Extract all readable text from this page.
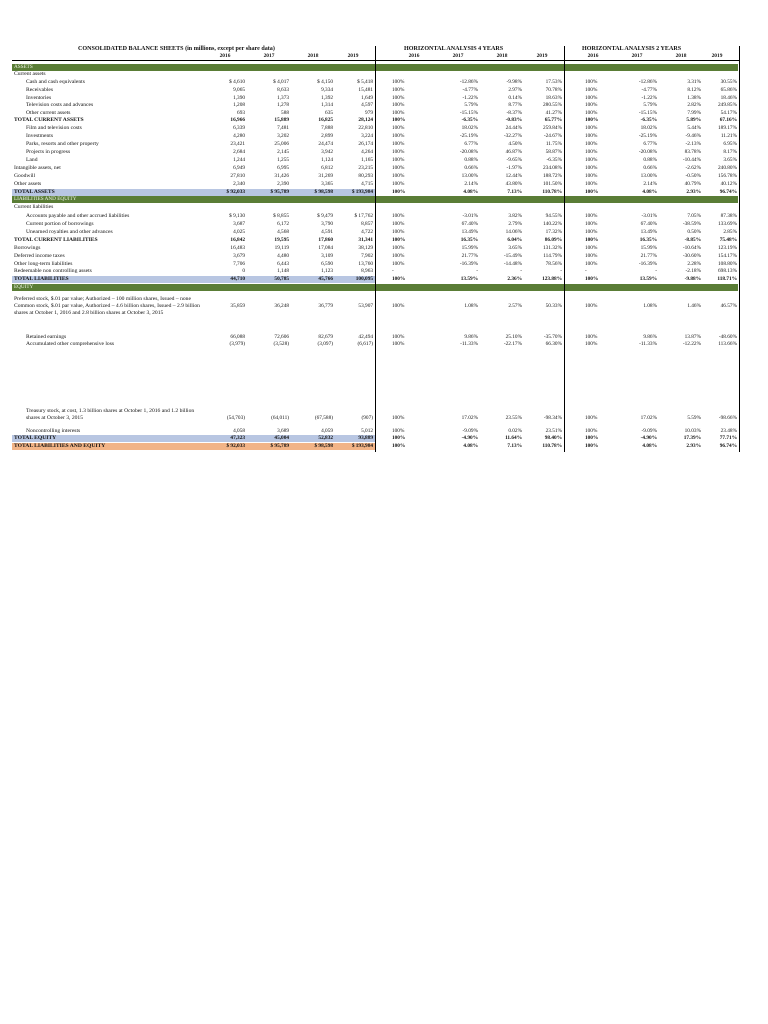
CONSOLIDATED BALANCE SHEETS (in millions, except per share data)	HORIZONTAL ANALYSIS 4 YEARS	HORIZONTAL ANALYSIS 2 YEARS
2016	2017	2018	2019	2016	2017	2018	2019	2016	2017	2018	2019
ASSETS
Current assets
Cash and cash equivalents	$ 4,610	$ 4,017	$ 4,150	$ 5,418	100%	-12.86%	-9.98%	17.53%	100%	-12.86%	3.31%	30.55%
Receivables	9,065	8,633	9,334	15,481	100%	-4.77%	2.97%	70.78%	100%	-4.77%	8.12%	65.86%
Inventories	1,390	1,373	1,392	1,649	100%	-1.22%	0.14%	18.63%	100%	-1.22%	1.38%	18.46%
Television costs and advances	1,208	1,278	1,314	4,597	100%	5.79%	8.77%	280.55%	100%	5.79%	2.82%	249.85%
Other current assets	693	588	635	979	100%	-15.15%	-8.37%	41.27%	100%	-15.15%	7.99%	54.17%
TOTAL CURRENT ASSETS	16,966	15,889	16,825	28,124	100%	-6.35%	-0.83%	65.77%	100%	-6.35%	5.89%	67.16%
Film and television costs	6,339	7,481	7,888	22,810	100%	18.02%	24.44%	259.84%	100%	18.02%	5.44%	189.17%
Investments	4,280	3,202	2,899	3,224	100%	-25.19%	-32.27%	-24.67%	100%	-25.19%	-9.46%	11.21%
Parks, resorts and other property	23,421	25,006	24,474	26,174	100%	6.77%	4.50%	11.75%	100%	6.77%	-2.13%	6.95%
Projects in progress	2,684	2,145	3,942	4,264	100%	-20.08%	46.87%	58.87%	100%	-20.08%	83.78%	8.17%
Land	1,244	1,255	1,124	1,165	100%	0.88%	-9.65%	-6.35%	100%	0.88%	-10.44%	3.65%
Intangible assets, net	6,949	6,995	6,812	23,215	100%	0.66%	-1.97%	234.08%	100%	0.66%	-2.62%	240.80%
Goodwill	27,810	31,426	31,269	80,293	100%	13.00%	12.44%	188.72%	100%	13.00%	-0.50%	156.78%
Other assets	2,340	2,390	3,365	4,715	100%	2.14%	43.80%	101.50%	100%	2.14%	40.79%	40.12%
TOTAL ASSETS	$ 92,033	$ 95,789	$ 98,598	$ 193,984	100%	4.08%	7.13%	110.78%	100%	4.08%	2.93%	96.74%
LIABILITIES AND EQUITY
Current liabilities
Accounts payable and other accrued liabilities	$ 9,130	$ 8,855	$ 9,479	$ 17,762	100%	-3.01%	3.82%	94.55%	100%	-3.01%	7.05%	87.38%
Current portion of borrowings	3,687	6,172	3,790	8,857	100%	67.40%	2.79%	140.22%	100%	67.40%	-38.59%	133.69%
Unearned royalties and other advances	4,025	4,568	4,591	4,722	100%	13.49%	14.06%	17.32%	100%	13.49%	0.50%	2.85%
TOTAL CURRENT LIABILITIES	16,842	19,595	17,860	31,341	100%	16.35%	6.04%	86.09%	100%	16.35%	-8.85%	75.48%
Borrowings	16,483	19,119	17,084	38,129	100%	15.99%	3.65%	131.32%	100%	15.99%	-10.64%	123.19%
Deferred income taxes	3,679	4,480	3,109	7,902	100%	21.77%	-15.49%	114.79%	100%	21.77%	-30.60%	154.17%
Other long-term liabilities	7,706	6,443	6,590	13,760	100%	-16.39%	-14.48%	78.56%	100%	-16.39%	2.28%	108.80%
Redeemable non controlling assets	0	1,148	1,123	8,963	-	-	-	-	-	-	-2.18%	698.13%
TOTAL LIABILITIES	44,710	50,785	45,766	100,095	100%	13.59%	2.36%	123.88%	100%	13.59%	-9.88%	118.71%
EQUITY
Preferred stock, $.01 par value; Authorized – 100 million shares, Issued – none Common stock, $.01 par value, Authorized – 4.6 billion shares, Issued – 2.9 billion shares at October 1, 2016 and 2.8 billion shares at October 3, 2015
35,859	36,248	36,779	53,907	100%	1.08%	2.57%	50.33%	100%	1.08%	1.46%	46.57%
Retained earnings	66,088	72,606	82,679	42,494	100%	9.86%	25.10%	-35.70%	100%	9.86%	13.87%	-48.60%
Accumulated other comprehensive loss	(3,979)	(3,528)	(3,097)	(6,617)	100%	-11.33%	-22.17%	66.30%	100%	-11.33%	-12.22%	113.66%
Treasury stock, at cost, 1.3 billion shares at October 1, 2016 and 1.2 billion shares at October 3, 2015	(54,703)	(64,011)	(67,588)	(907)	100%	17.02%	23.55%	-98.34%	100%	17.02%	5.59%	-98.66%
Noncontrolling interests	4,058	3,689	4,059	5,012	100%	-9.09%	0.02%	23.51%	100%	-9.09%	10.03%	23.48%
TOTAL EQUITY	47,323	45,004	52,832	93,889	100%	-4.90%	11.64%	98.40%	100%	-4.90%	17.39%	77.71%
TOTAL LIABILITIES AND EQUITY	$ 92,033	$ 95,789	$ 98,598	$ 193,984	100%	4.08%	7.13%	110.78%	100%	4.08%	2.93%	96.74%
